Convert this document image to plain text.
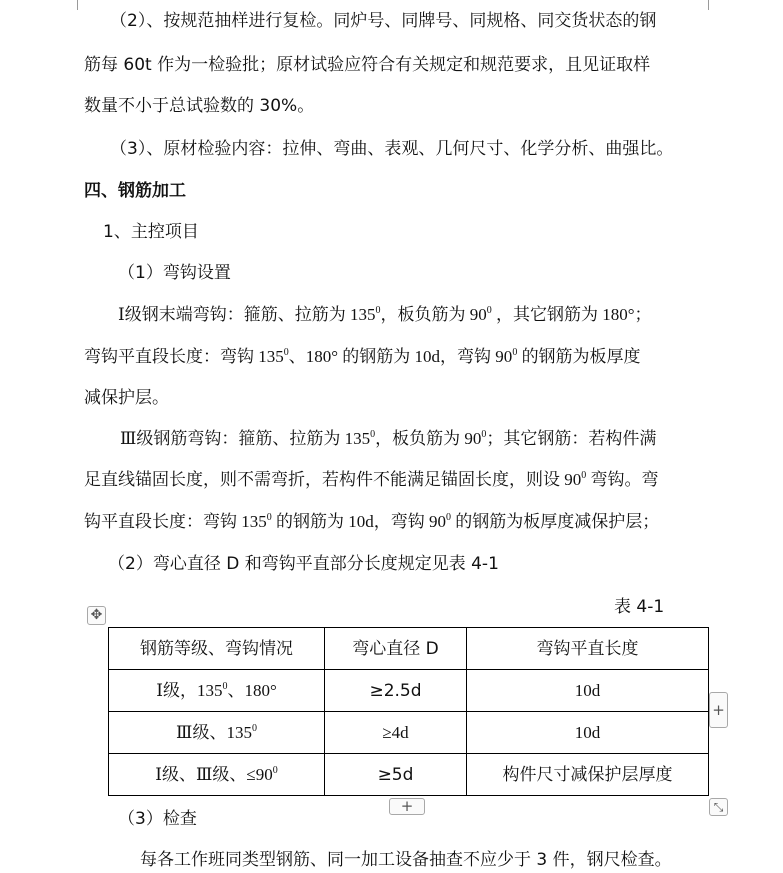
（2）、按规范抽样进行复检。同炉号、同牌号、同规格、同交货状态的钢
筋每 60t 作为一检验批；原材试验应符合有关规定和规范要求，且见证取样
数量不小于总试验数的 30%。
（3）、原材检验内容：拉伸、弯曲、表观、几何尺寸、化学分析、曲强比。
四、钢筋加工
1、主控项目
（1）弯钩设置
Ⅰ级钢末端弯钩：箍筋、拉筋为 $135^0$，板负筋为 $90^0$ ，其它钢筋为 180°；
弯钩平直段长度：弯钩 $135^0$、180° 的钢筋为 10d，弯钩 $90^0$ 的钢筋为板厚度
减保护层。
Ⅲ级钢筋弯钩：箍筋、拉筋为 $135^0$，板负筋为 $90^0$；其它钢筋：若构件满
足直线锚固长度，则不需弯折，若构件不能满足锚固长度，则设 $90^0$ 弯钩。弯
钩平直段长度：弯钩 $135^0$ 的钢筋为 10d，弯钩 $90^0$ 的钢筋为板厚度减保护层；
（2）弯心直径 D 和弯钩平直部分长度规定见表 4-1
表 4-1
✥
钢筋等级、弯钩情况	弯心直径 D	弯钩平直长度
Ⅰ级，$135^0$、180°	≥2.5d	10d
Ⅲ级、$135^0$	≥4d	10d
Ⅰ级、Ⅲ级、$\le 90^0$	≥5d	构件尺寸减保护层厚度
+
+	⤡
（3）检查
每各工作班同类型钢筋、同一加工设备抽查不应少于 3 件，钢尺检查。
